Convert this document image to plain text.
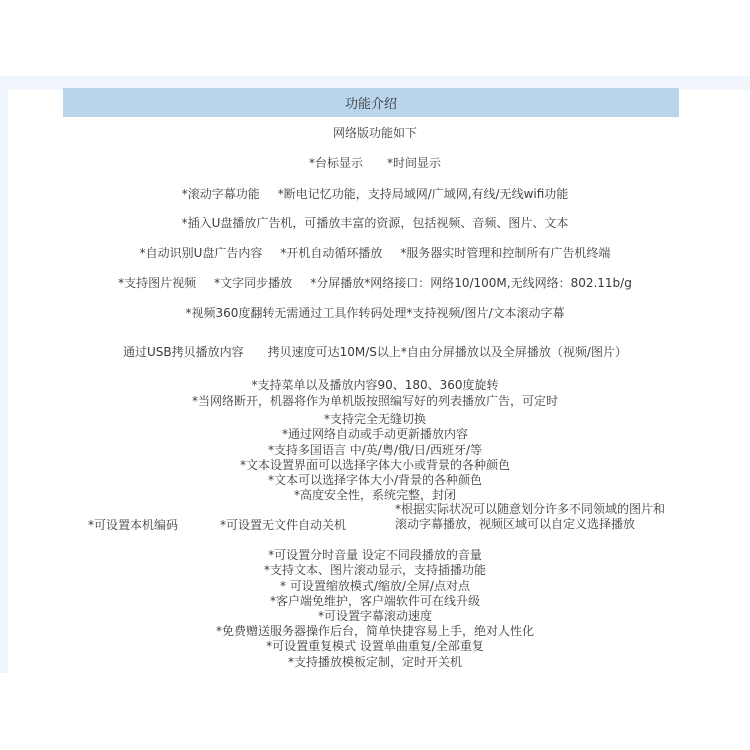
功能介绍
网络版功能如下
*台标显示 *时间显示
*滚动字幕功能 *断电记忆功能，支持局域网/广域网,有线/无线wifi功能
*插入U盘播放广告机，可播放丰富的资源，包括视频、音频、图片、文本
*自动识别U盘广告内容 *开机自动循环播放 *服务器实时管理和控制所有广告机终端
*支持图片视频 *文字同步播放 *分屏播放*网络接口：网络10/100M,无线网络：802.11b/g
*视频360度翻转无需通过工具作转码处理*支持视频/图片/文本滚动字幕
通过USB拷贝播放内容 拷贝速度可达10M/S以上*自由分屏播放以及全屏播放（视频/图片）
*支持菜单以及播放内容90、180、360度旋转
*当网络断开，机器将作为单机版按照编写好的列表播放广告，可定时
*支持完全无缝切换
*通过网络自动或手动更新播放内容
*支持多国语言 中/英/粤/俄/日/西班牙/等
*文本设置界面可以选择字体大小或背景的各种颜色
*文本可以选择字体大小/背景的各种颜色
*高度安全性，系统完整，封闭
*可设置本机编码	*可设置无文件自动关机
*根据实际状况可以随意划分许多不同领域的图片和滚动字幕播放，视频区域可以自定义选择播放
*可设置分时音量 设定不同段播放的音量
*支持文本、图片滚动显示，支持插播功能
* 可设置缩放模式/缩放/全屏/点对点
*客户端免维护，客户端软件可在线升级
*可设置字幕滚动速度
*免费赠送服务器操作后台，简单快捷容易上手，绝对人性化
*可设置重复模式 设置单曲重复/全部重复
*支持播放模板定制，定时开关机
